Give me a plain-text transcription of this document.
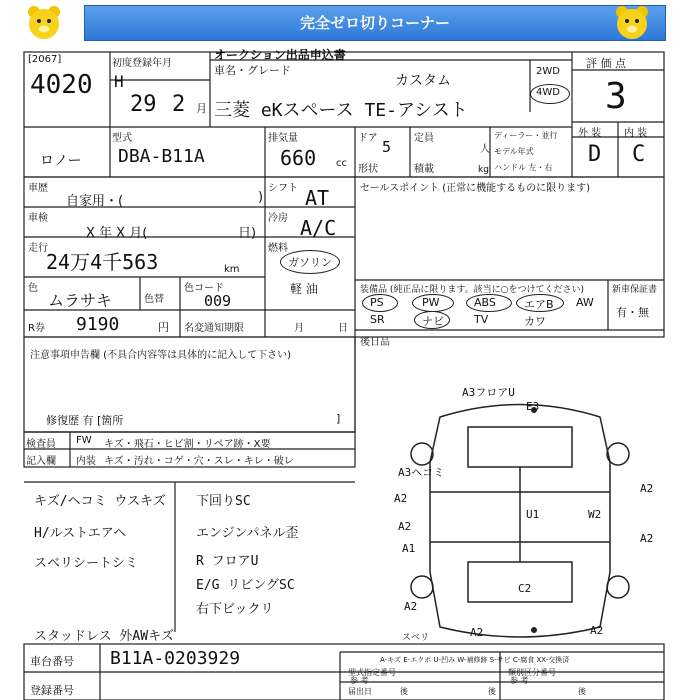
完全ゼロ切りコーナー
[2067]
4020
ロノー
初度登録年月
H
29 2 月
車名・グレード
オークション出品申込書
カスタム
三菱 eKスペース TE-アシスト
2WD
4WD
評 価 点
3
外 装 内 装
D C
型式
DBA-B11A
排気量
660 cc
ドア 5 定員
人
形状	積載	kg
ディーラー・並行
モデル年式
ハンドル 左・右
車歴
自家用・(	)
シフト AT
車検
X 年 X 月(	日)
冷房 A/C
走行
24万4千563	km
燃料
ガソリン
軽 油
色
ムラサキ	色替
色コード
009
R券 9190	円 名変通知期限	月	日
セールスポイント (正常に機能するものに限ります)
装備品 (純正品に限ります。該当に○をつけてください)	新車保証書
PS	PW	ABS	エアB AW
SR	ナビ	TV	カワ
有・無
後日品
注意事項申告欄 (不具合内容等は具体的に記入して下さい)
修復歴 有 [箇所	]
検査員 FW キズ・飛石・ヒビ割・リペア跡・X要
記入欄 内装 キズ・汚れ・コゲ・穴・スレ・キレ・破レ
キズ/ヘコミ ウスキズ
H/ルストエアヘ
スベリシートシミ
スタッドレス 外AWキズ
下回りSC
エンジンパネル歪
R フロアU
E/G リビングSC
右下ビックリ
A3フロアU
E3
A3ヘコミ
A2
A2
U1	W2
A2
A2
C2
A2
A2	A2
スベリ
A1
A-キズ E-エクボ U-凹み W-補修跡 S-サビ C-腐食 XX-交換済
車台番号 B11A-0203929
登録番号
型式指定番号
参 考
類別区分番号
参 考
届出日	後	後	後
